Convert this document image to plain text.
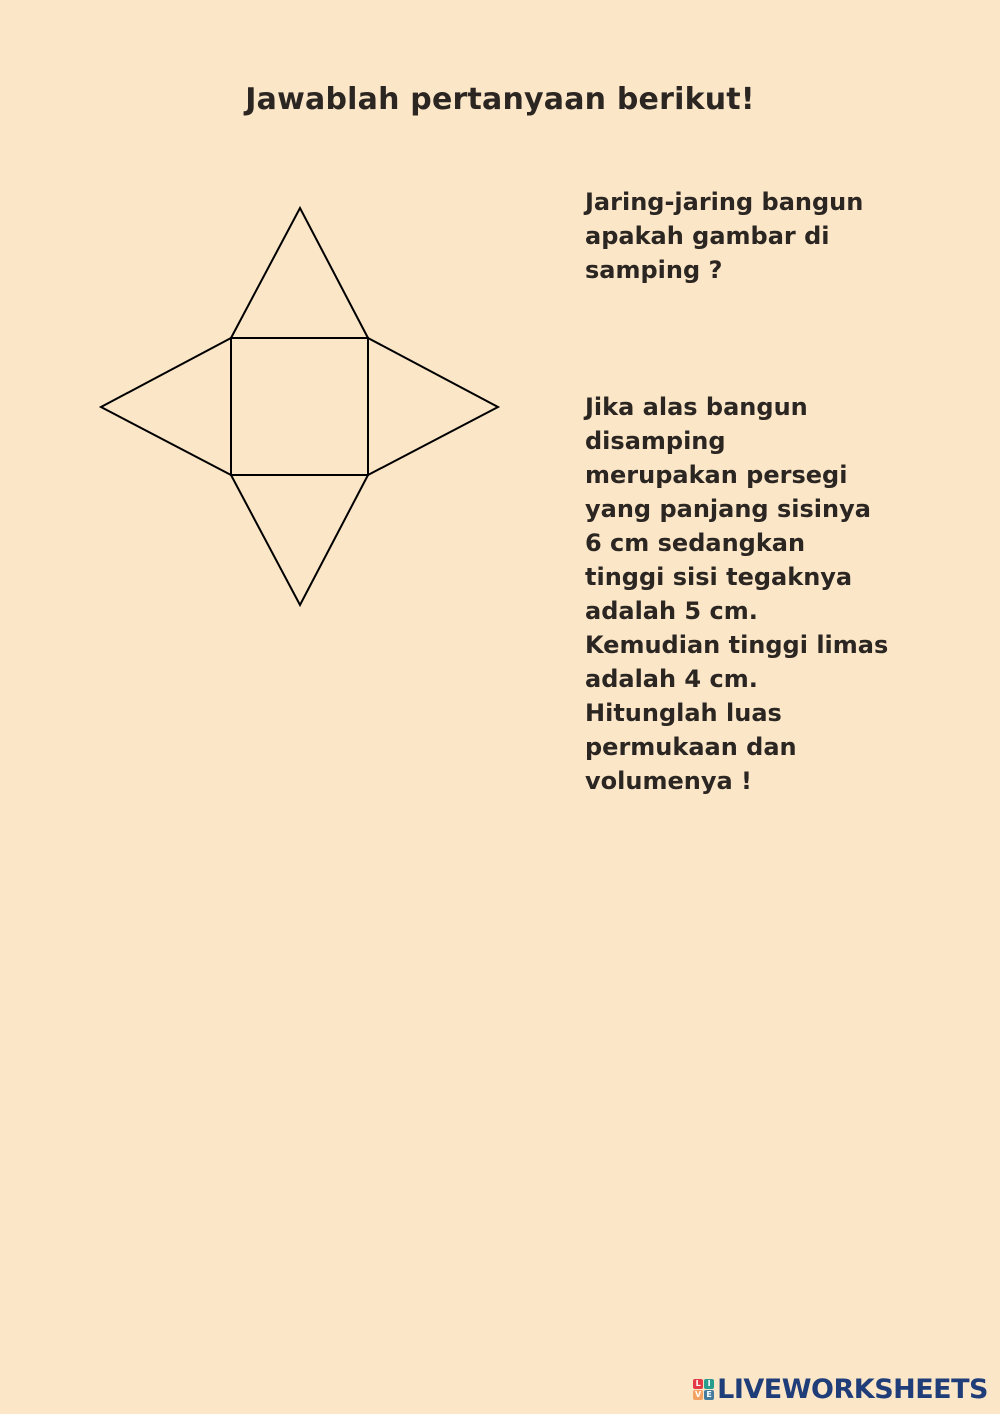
Jawablah pertanyaan berikut!

Jaring-jaring bangun
apakah gambar di
samping ?

Jika alas bangun
disamping
merupakan persegi
yang panjang sisinya
6 cm sedangkan
tinggi sisi tegaknya
adalah 5 cm.
Kemudian tinggi limas
adalah 4 cm.
Hitunglah luas
permukaan dan
volumenya !

L I
V E LIVEWORKSHEETS
